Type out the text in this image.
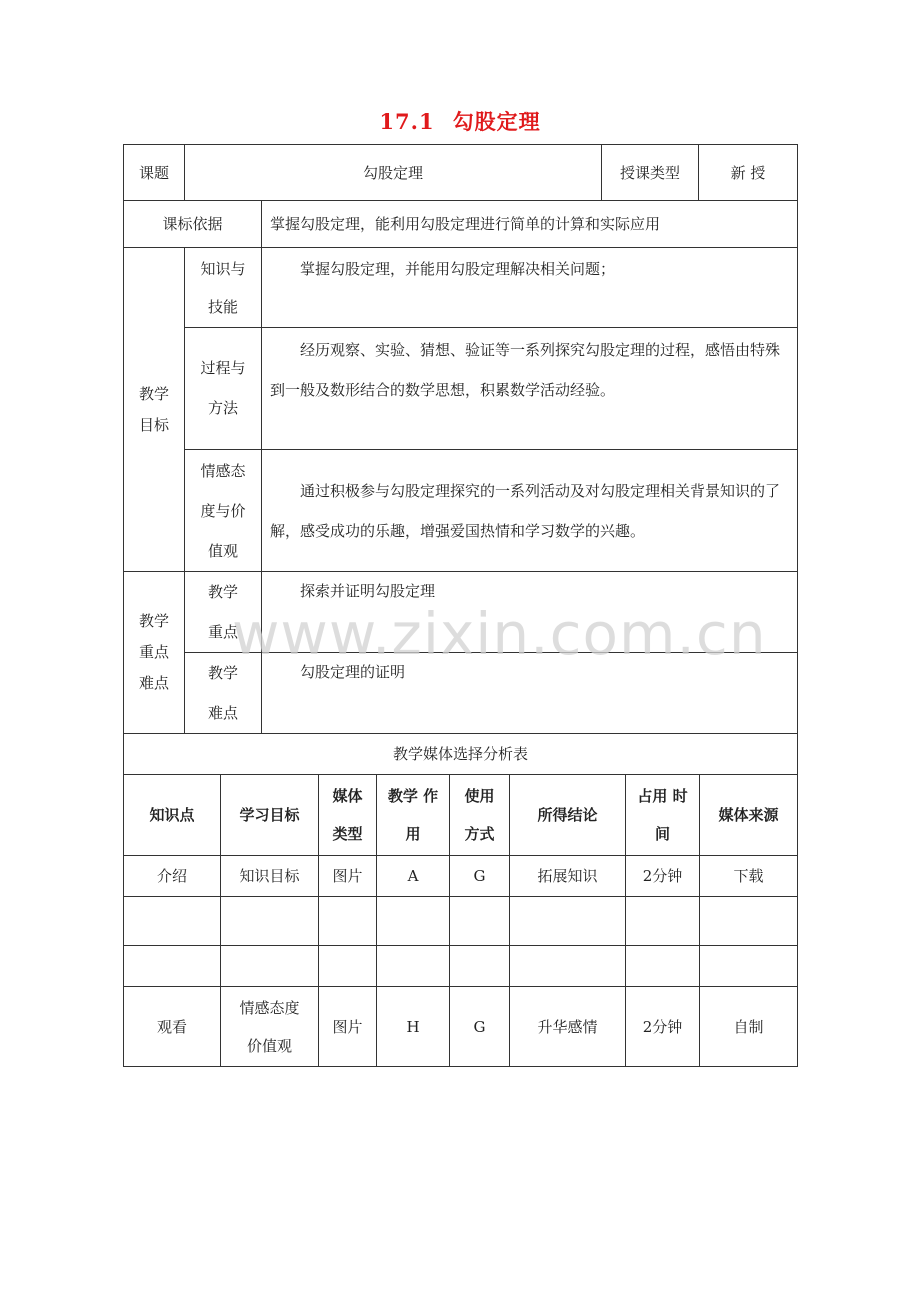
17.1 勾股定理
课题	勾股定理		授课类型	新 授
课标依据		掌握勾股定理，能利用勾股定理进行简单的计算和实际应用		

教学目标	知识与技能	掌握勾股定理，并能用勾股定理解决相关问题；		

	过程与方法	经历观察、实验、猜想、验证等一系列探究勾股定理的过程，感悟由特殊到一般及数形结合的数学思想，积累数学活动经验。		

	情感态度与价值观	通过积极参与勾股定理探究的一系列活动及对勾股定理相关背景知识的了解，感受成功的乐趣，增强爱国热情和学习数学的兴趣。		

教学重点难点	教学重点	探索并证明勾股定理		

	教学难点	勾股定理的证明		
教学媒体选择分析表							
知识点	学习目标	媒体类型	教学 作用	使用方式	所得结论	占用 时间	媒体来源
介绍	知识目标	图片	A	G	拓展知识	2分钟	下载

观看	情感态度价值观	图片	H	G	升华感情	2分钟	自制
www.zixin.com.cn
